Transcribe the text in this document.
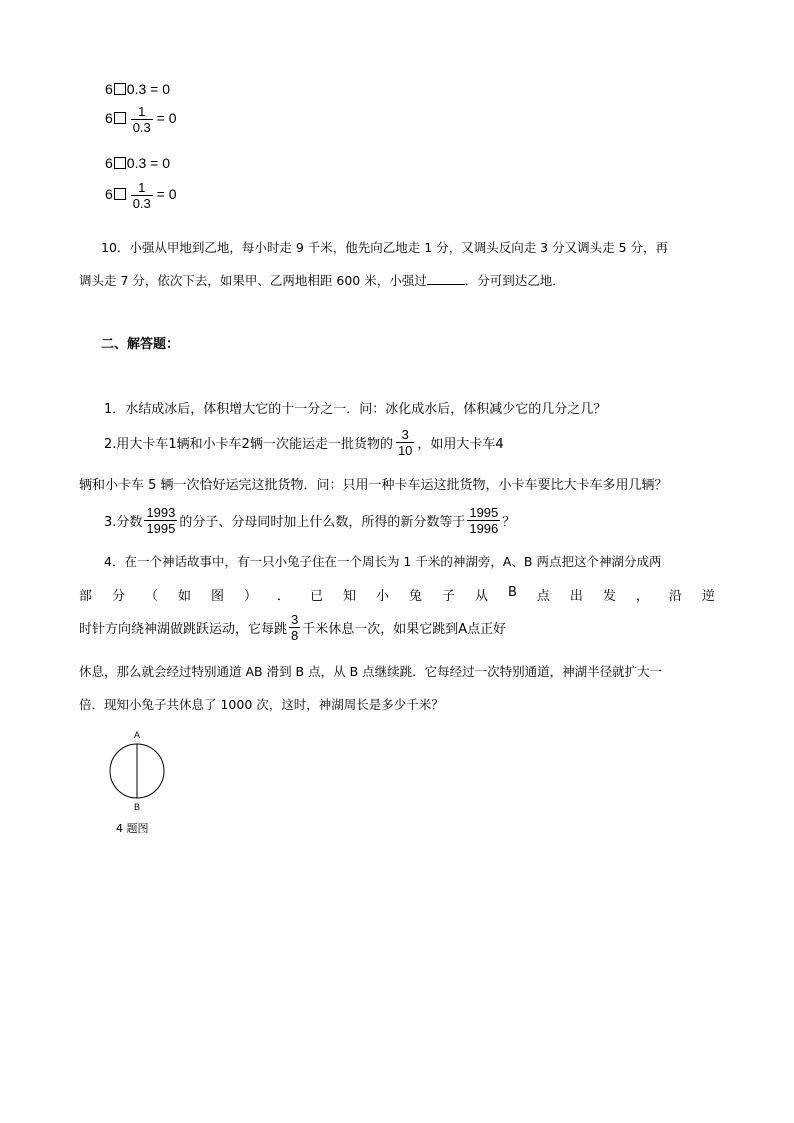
6 0.3 = 0
$6 \frac{1}{0.3} = 0$
6 0.3 = 0
$6 \frac{1}{0.3} = 0$
10．小强从甲地到乙地，每小时走 9 千米，他先向乙地走 1 分，又调头反向走 3 分又调头走 5 分，再
调头走 7 分，依次下去，如果甲、乙两地相距 600 米，小强过	．分可到达乙地．
二、解答题：
1．水结成冰后，体积增大它的十一分之一．问：冰化成水后，体积减少它的几分之几？
2.用大卡车1辆和小卡车2辆一次能运走一批货物的 $\frac{3}{10}$ ，如用大卡车4
辆和小卡车 5 辆一次恰好运完这批货物．问：只用一种卡车运这批货物，小卡车要比大卡车多用几辆？
3.分数 $\frac{1993}{1995}$ 的分子、分母同时加上什么数，所得的新分数等于 $\frac{1995}{1996}$ ？
4．在一个神话故事中，有一只小兔子住在一个周长为 1 千米的神湖旁，A、B 两点把这个神湖分成两
部 分 （ 如 图 ） ． 已 知 小 兔 子 从 B 点 出 发 ， 沿 逆
时针方向绕神湖做跳跃运动，它每跳 $\frac{3}{8}$ 千米休息一次，如果它跳到A点正好
休息，那么就会经过特别通道 AB 滑到 B 点，从 B 点继续跳．它每经过一次特别通道，神湖半径就扩大一
倍．现知小兔子共休息了 1000 次，这时，神湖周长是多少千米？
A
B
4 题图
